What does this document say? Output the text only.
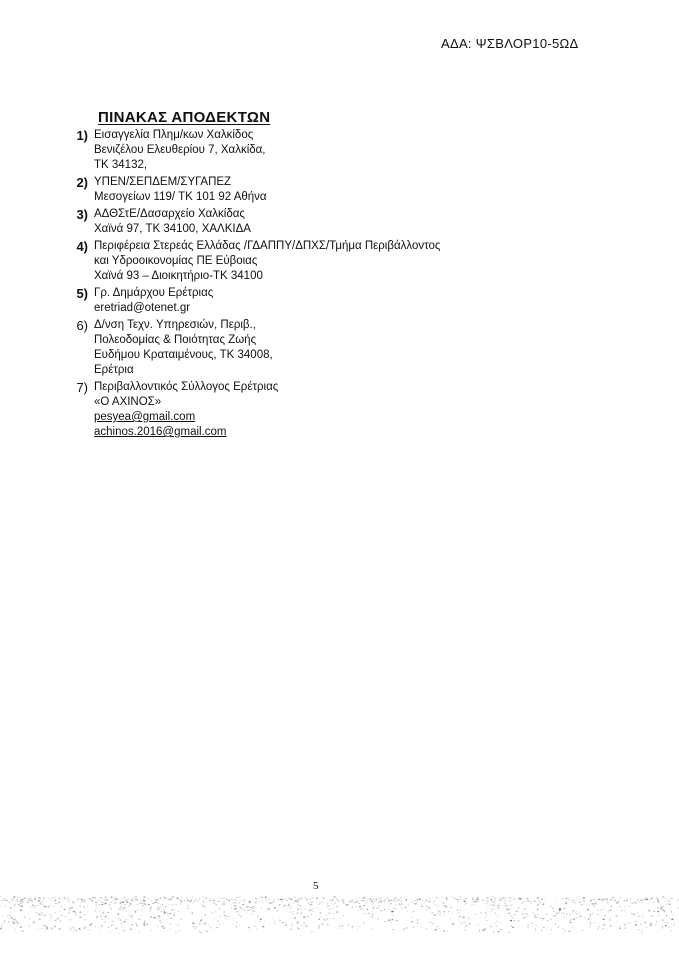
ΑΔΑ: ΨΣΒΛΟΡ10-5ΩΔ
ΠΙΝΑΚΑΣ ΑΠΟΔΕΚΤΩΝ
1) Εισαγγελία Πλημ/κων Χαλκίδος
Βενιζέλου Ελευθερίου 7, Χαλκίδα,
ΤΚ 34132,
2) ΥΠΕΝ/ΣΕΠΔΕΜ/ΣΥΓΑΠΕΖ
Μεσογείων 119/ ΤΚ 101 92 Αθήνα
3) ΑΔΘΣτΕ/Δασαρχείο Χαλκίδας
Χαϊνά 97, ΤΚ 34100, ΧΑΛΚΙΔΑ
4) Περιφέρεια Στερεάς Ελλάδας /ΓΔΑΠΠΥ/ΔΠΧΣ/Τμήμα Περιβάλλοντος
και Υδροοικονομίας ΠΕ Εύβοιας
Χαϊνά 93 – Διοικητήριο-ΤΚ 34100
5) Γρ. Δημάρχου Ερέτριας
eretriad@otenet.gr
6) Δ/νση Τεχν. Υπηρεσιών, Περιβ.,
Πολεοδομίας & Ποιότητας Ζωής
Ευδήμου Κραταιμένους, ΤΚ 34008,
Ερέτρια
7) Περιβαλλοντικός Σύλλογος Ερέτριας
«Ο ΑΧΙΝΟΣ»
pesyea@gmail.com
achinos.2016@gmail.com
5
